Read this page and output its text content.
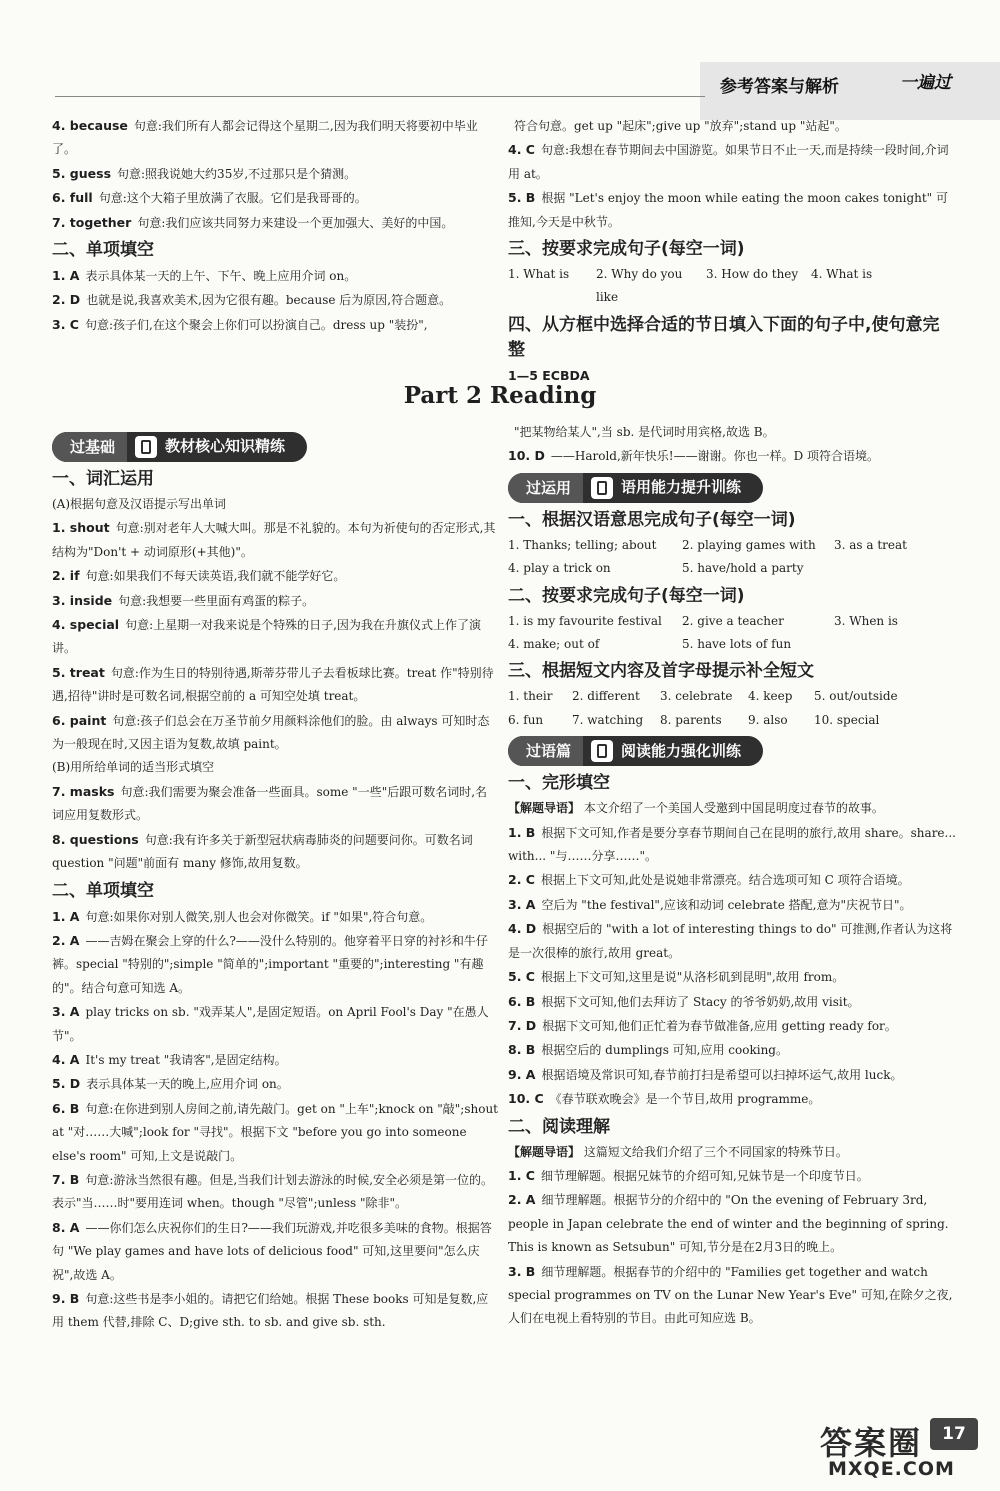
参考答案与解析	一遍过
4. because 句意:我们所有人都会记得这个星期二,因为我们明天将要初中毕业了。
5. guess 句意:照我说她大约35岁,不过那只是个猜测。
6. full 句意:这个大箱子里放满了衣服。它们是我哥哥的。
7. together 句意:我们应该共同努力来建设一个更加强大、美好的中国。
二、单项填空
1. A 表示具体某一天的上午、下午、晚上应用介词 on。
2. D 也就是说,我喜欢美术,因为它很有趣。because 后为原因,符合题意。
3. C 句意:孩子们,在这个聚会上你们可以扮演自己。dress up "装扮",
符合句意。get up "起床";give up "放弃";stand up "站起"。
4. C 句意:我想在春节期间去中国游览。如果节日不止一天,而是持续一段时间,介词用 at。
5. B 根据 "Let's enjoy the moon while eating the moon cakes tonight" 可推知,今天是中秋节。
三、按要求完成句子(每空一词)
1. What is	2. Why do you like
3. How do they	4. What is
四、从方框中选择合适的节日填入下面的句子中,使句意完整
1—5 ECBDA
Part 2 Reading
过基础	教材核心知识精练
一、词汇运用
(A)根据句意及汉语提示写出单词
1. shout 句意:别对老年人大喊大叫。那是不礼貌的。本句为祈使句的否定形式,其结构为"Don't + 动词原形(+其他)"。
2. if 句意:如果我们不每天读英语,我们就不能学好它。
3. inside 句意:我想要一些里面有鸡蛋的粽子。
4. special 句意:上星期一对我来说是个特殊的日子,因为我在升旗仪式上作了演讲。
5. treat 句意:作为生日的特别待遇,斯蒂芬带儿子去看板球比赛。treat 作"特别待遇,招待"讲时是可数名词,根据空前的 a 可知空处填 treat。
6. paint 句意:孩子们总会在万圣节前夕用颜料涂他们的脸。由 always 可知时态为一般现在时,又因主语为复数,故填 paint。
(B)用所给单词的适当形式填空
7. masks 句意:我们需要为聚会准备一些面具。some "一些"后跟可数名词时,名词应用复数形式。
8. questions 句意:我有许多关于新型冠状病毒肺炎的问题要问你。可数名词 question "问题"前面有 many 修饰,故用复数。
二、单项填空
1. A 句意:如果你对别人微笑,别人也会对你微笑。if "如果",符合句意。
2. A ——吉姆在聚会上穿的什么?——没什么特别的。他穿着平日穿的衬衫和牛仔裤。special "特别的";simple "简单的";important "重要的";interesting "有趣的"。结合句意可知选 A。
3. A play tricks on sb. "戏弄某人",是固定短语。on April Fool's Day "在愚人节"。
4. A It's my treat "我请客",是固定结构。
5. D 表示具体某一天的晚上,应用介词 on。
6. B 句意:在你进到别人房间之前,请先敲门。get on "上车";knock on "敲";shout at "对……大喊";look for "寻找"。根据下文 "before you go into someone else's room" 可知,上文是说敲门。
7. B 句意:游泳当然很有趣。但是,当我们计划去游泳的时候,安全必须是第一位的。表示"当……时"要用连词 when。though "尽管";unless "除非"。
8. A ——你们怎么庆祝你们的生日?——我们玩游戏,并吃很多美味的食物。根据答句 "We play games and have lots of delicious food" 可知,这里要问"怎么庆祝",故选 A。
9. B 句意:这些书是李小姐的。请把它们给她。根据 These books 可知是复数,应用 them 代替,排除 C、D;give sth. to sb. and give sb. sth.
"把某物给某人",当 sb. 是代词时用宾格,故选 B。
10. D ——Harold,新年快乐!——谢谢。你也一样。D 项符合语境。
过运用	语用能力提升训练
一、根据汉语意思完成句子(每空一词)
1. Thanks; telling; about	2. playing games with	3. as a treat
4. play a trick on	5. have/hold a party
二、按要求完成句子(每空一词)
1. is my favourite festival	2. give a teacher	3. When is
4. make; out of	5. have lots of fun
三、根据短文内容及首字母提示补全短文
1. their	2. different	3. celebrate	4. keep	5. out/outside
6. fun	7. watching	8. parents	9. also	10. special
过语篇	阅读能力强化训练
一、完形填空
【解题导语】 本文介绍了一个美国人受邀到中国昆明度过春节的故事。
1. B 根据下文可知,作者是要分享春节期间自己在昆明的旅行,故用 share。share... with... "与……分享……"。
2. C 根据上下文可知,此处是说她非常漂亮。结合选项可知 C 项符合语境。
3. A 空后为 "the festival",应该和动词 celebrate 搭配,意为"庆祝节日"。
4. D 根据空后的 "with a lot of interesting things to do" 可推测,作者认为这将是一次很棒的旅行,故用 great。
5. C 根据上下文可知,这里是说"从洛杉矶到昆明",故用 from。
6. B 根据下文可知,他们去拜访了 Stacy 的爷爷奶奶,故用 visit。
7. D 根据下文可知,他们正忙着为春节做准备,应用 getting ready for。
8. B 根据空后的 dumplings 可知,应用 cooking。
9. A 根据语境及常识可知,春节前打扫是希望可以扫掉坏运气,故用 luck。
10. C 《春节联欢晚会》是一个节目,故用 programme。
二、阅读理解
【解题导语】 这篇短文给我们介绍了三个不同国家的特殊节日。
1. C 细节理解题。根据兄妹节的介绍可知,兄妹节是一个印度节日。
2. A 细节理解题。根据节分的介绍中的 "On the evening of February 3rd, people in Japan celebrate the end of winter and the beginning of spring. This is known as Setsubun" 可知,节分是在2月3日的晚上。
3. B 细节理解题。根据春节的介绍中的 "Families get together and watch special programmes on TV on the Lunar New Year's Eve" 可知,在除夕之夜,人们在电视上看特别的节目。由此可知应选 B。
答案圈
MXQE.COM
17
